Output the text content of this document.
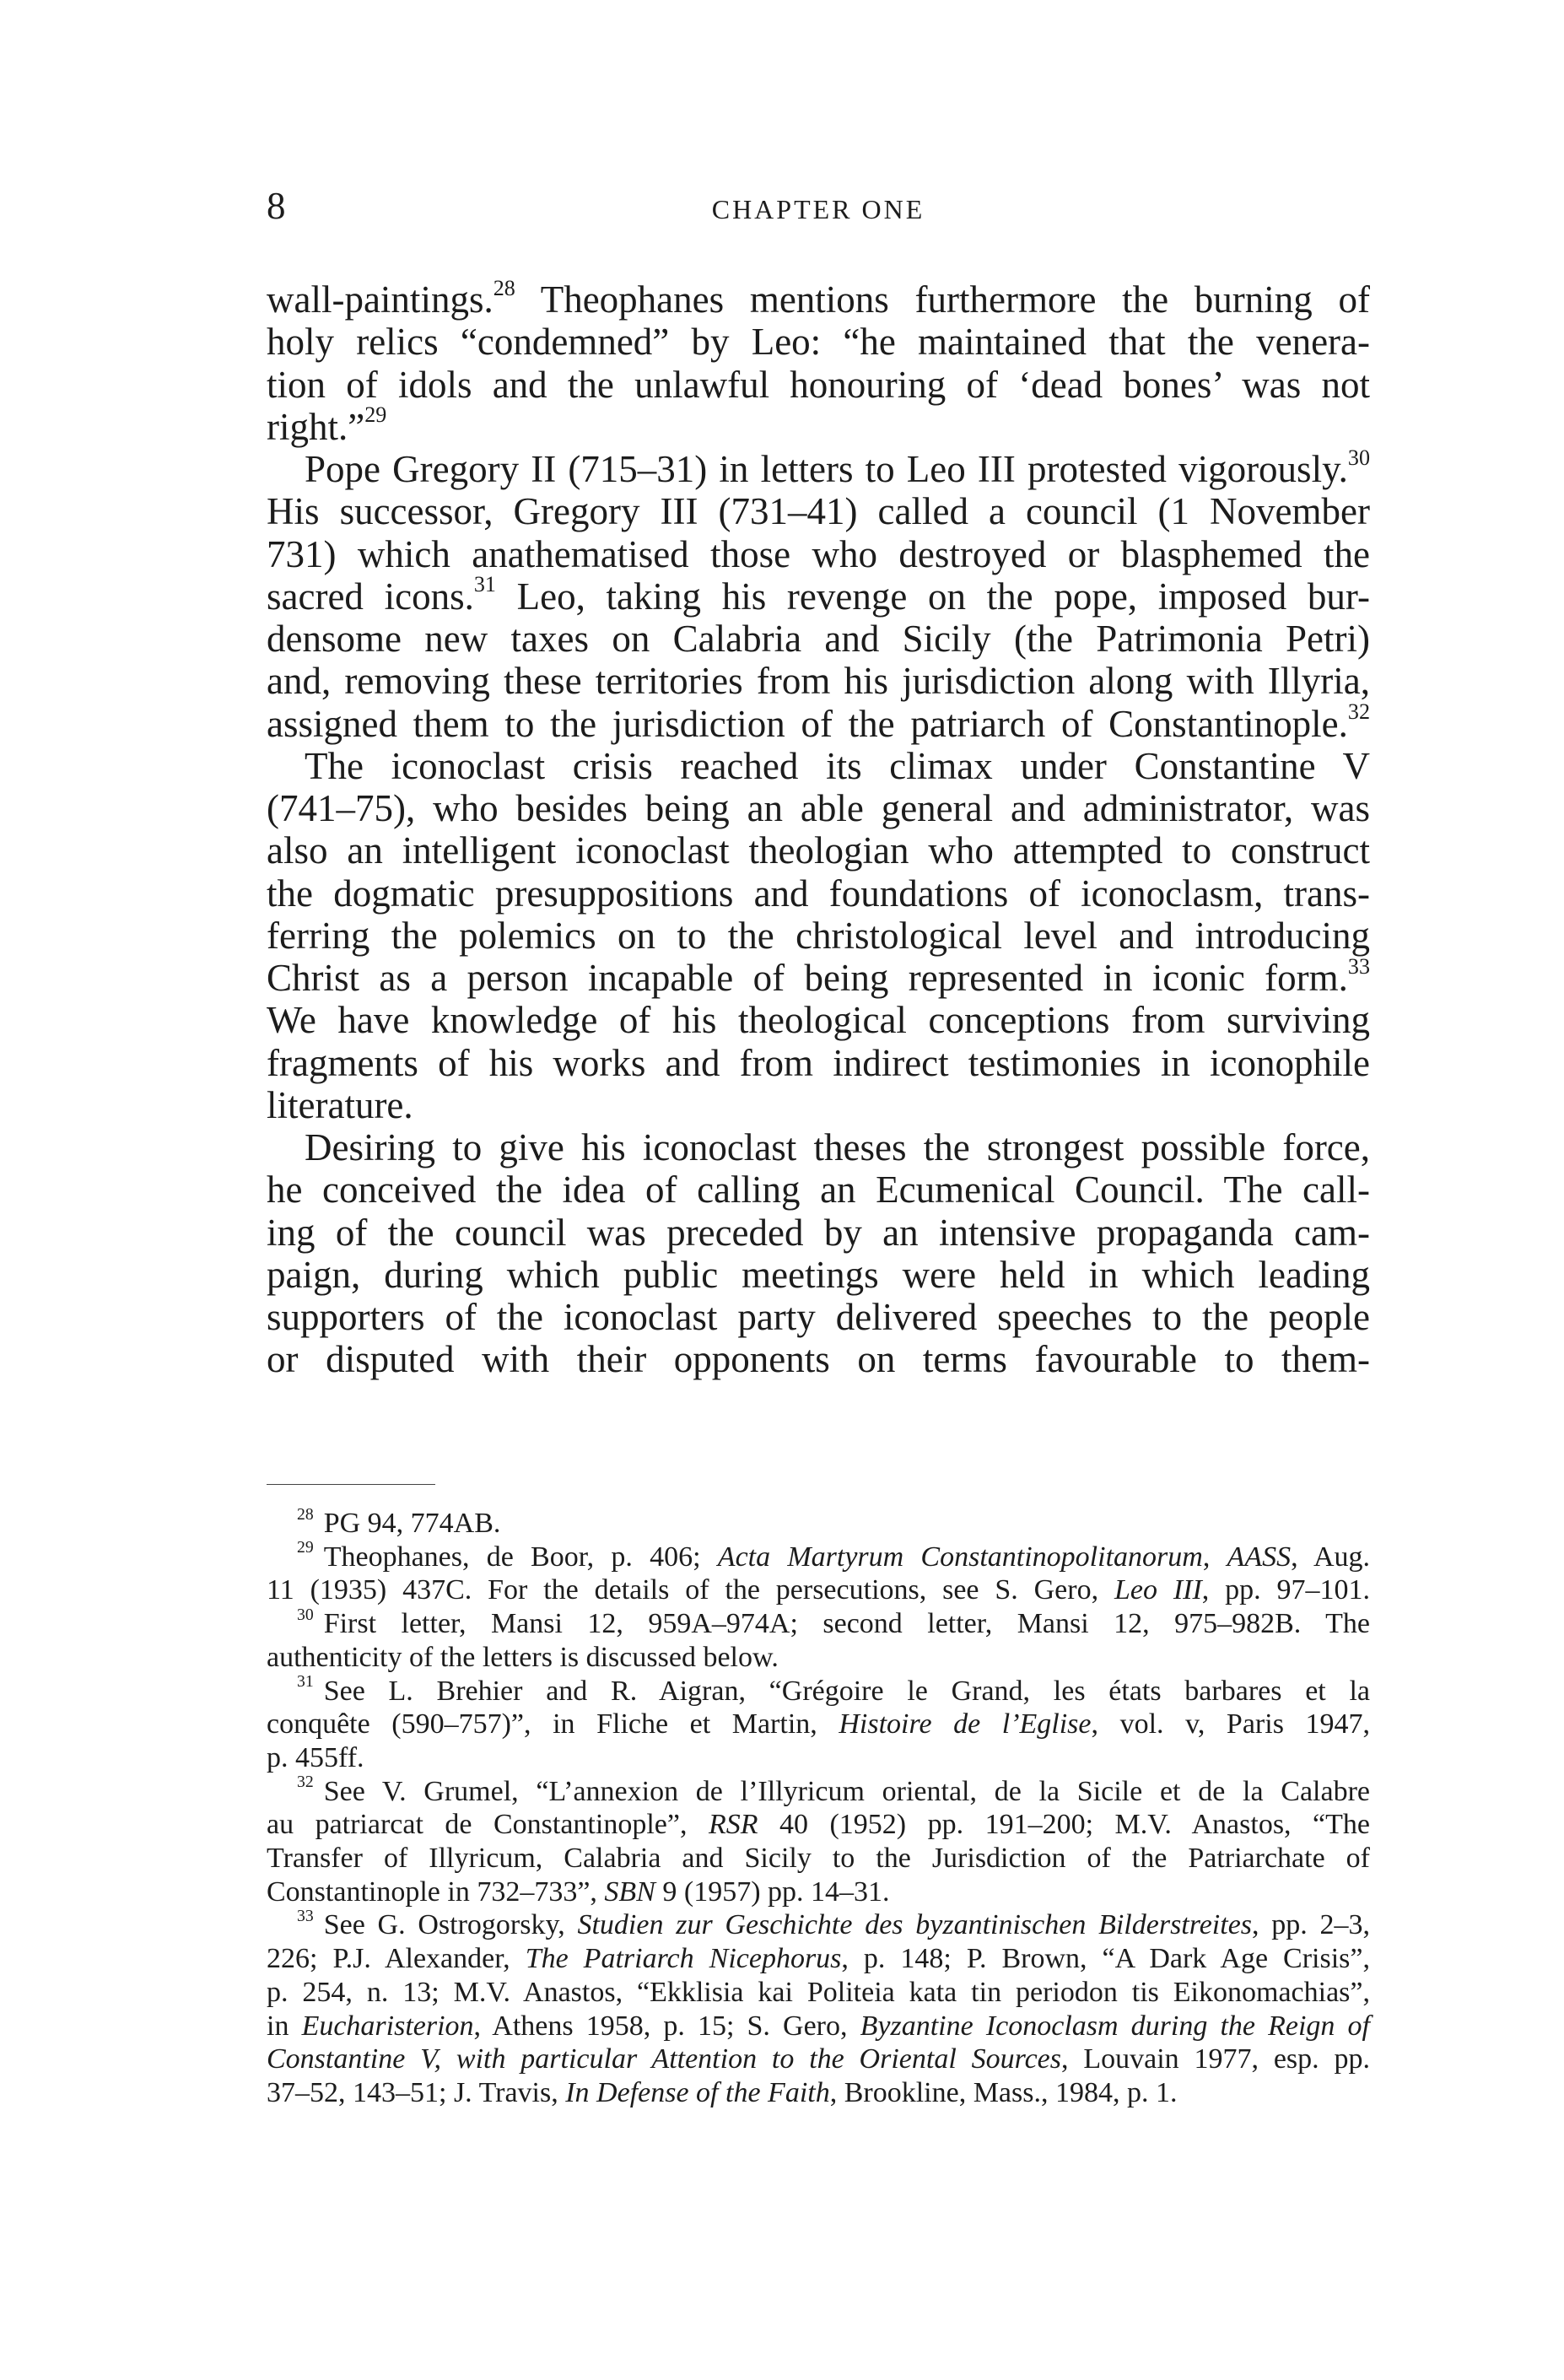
8	CHAPTER ONE
wall-paintings.$^{28}$ Theophanes mentions furthermore the burning of
holy relics “condemned” by Leo: “he maintained that the venera-
tion of idols and the unlawful honouring of ‘dead bones’ was not
right.”$^{29}$
Pope Gregory II (715–31) in letters to Leo III protested vigorously.$^{30}$
His successor, Gregory III (731–41) called a council (1 November
731) which anathematised those who destroyed or blasphemed the
sacred icons.$^{31}$ Leo, taking his revenge on the pope, imposed bur-
densome new taxes on Calabria and Sicily (the Patrimonia Petri)
and, removing these territories from his jurisdiction along with Illyria,
assigned them to the jurisdiction of the patriarch of Constantinople.$^{32}$
The iconoclast crisis reached its climax under Constantine V
(741–75), who besides being an able general and administrator, was
also an intelligent iconoclast theologian who attempted to construct
the dogmatic presuppositions and foundations of iconoclasm, trans-
ferring the polemics on to the christological level and introducing
Christ as a person incapable of being represented in iconic form.$^{33}$
We have knowledge of his theological conceptions from surviving
fragments of his works and from indirect testimonies in iconophile
literature.
Desiring to give his iconoclast theses the strongest possible force,
he conceived the idea of calling an Ecumenical Council. The call-
ing of the council was preceded by an intensive propaganda cam-
paign, during which public meetings were held in which leading
supporters of the iconoclast party delivered speeches to the people
or disputed with their opponents on terms favourable to them-
$^{28}$ PG 94, 774AB.
$^{29}$ Theophanes, de Boor, p. 406; Acta Martyrum Constantinopolitanorum, AASS, Aug.
11 (1935) 437C. For the details of the persecutions, see S. Gero, Leo III, pp. 97–101.
$^{30}$ First letter, Mansi 12, 959A–974A; second letter, Mansi 12, 975–982B. The
authenticity of the letters is discussed below.
$^{31}$ See L. Brehier and R. Aigran, “Grégoire le Grand, les états barbares et la
conquête (590–757)”, in Fliche et Martin, Histoire de l’Eglise, vol. v, Paris 1947,
p. 455ff.
$^{32}$ See V. Grumel, “L’annexion de l’Illyricum oriental, de la Sicile et de la Calabre
au patriarcat de Constantinople”, RSR 40 (1952) pp. 191–200; M.V. Anastos, “The
Transfer of Illyricum, Calabria and Sicily to the Jurisdiction of the Patriarchate of
Constantinople in 732–733”, SBN 9 (1957) pp. 14–31.
$^{33}$ See G. Ostrogorsky, Studien zur Geschichte des byzantinischen Bilderstreites, pp. 2–3,
226; P.J. Alexander, The Patriarch Nicephorus, p. 148; P. Brown, “A Dark Age Crisis”,
p. 254, n. 13; M.V. Anastos, “Ekklisia kai Politeia kata tin periodon tis Eikonomachias”,
in Eucharisterion, Athens 1958, p. 15; S. Gero, Byzantine Iconoclasm during the Reign of
Constantine V, with particular Attention to the Oriental Sources, Louvain 1977, esp. pp.
37–52, 143–51; J. Travis, In Defense of the Faith, Brookline, Mass., 1984, p. 1.
